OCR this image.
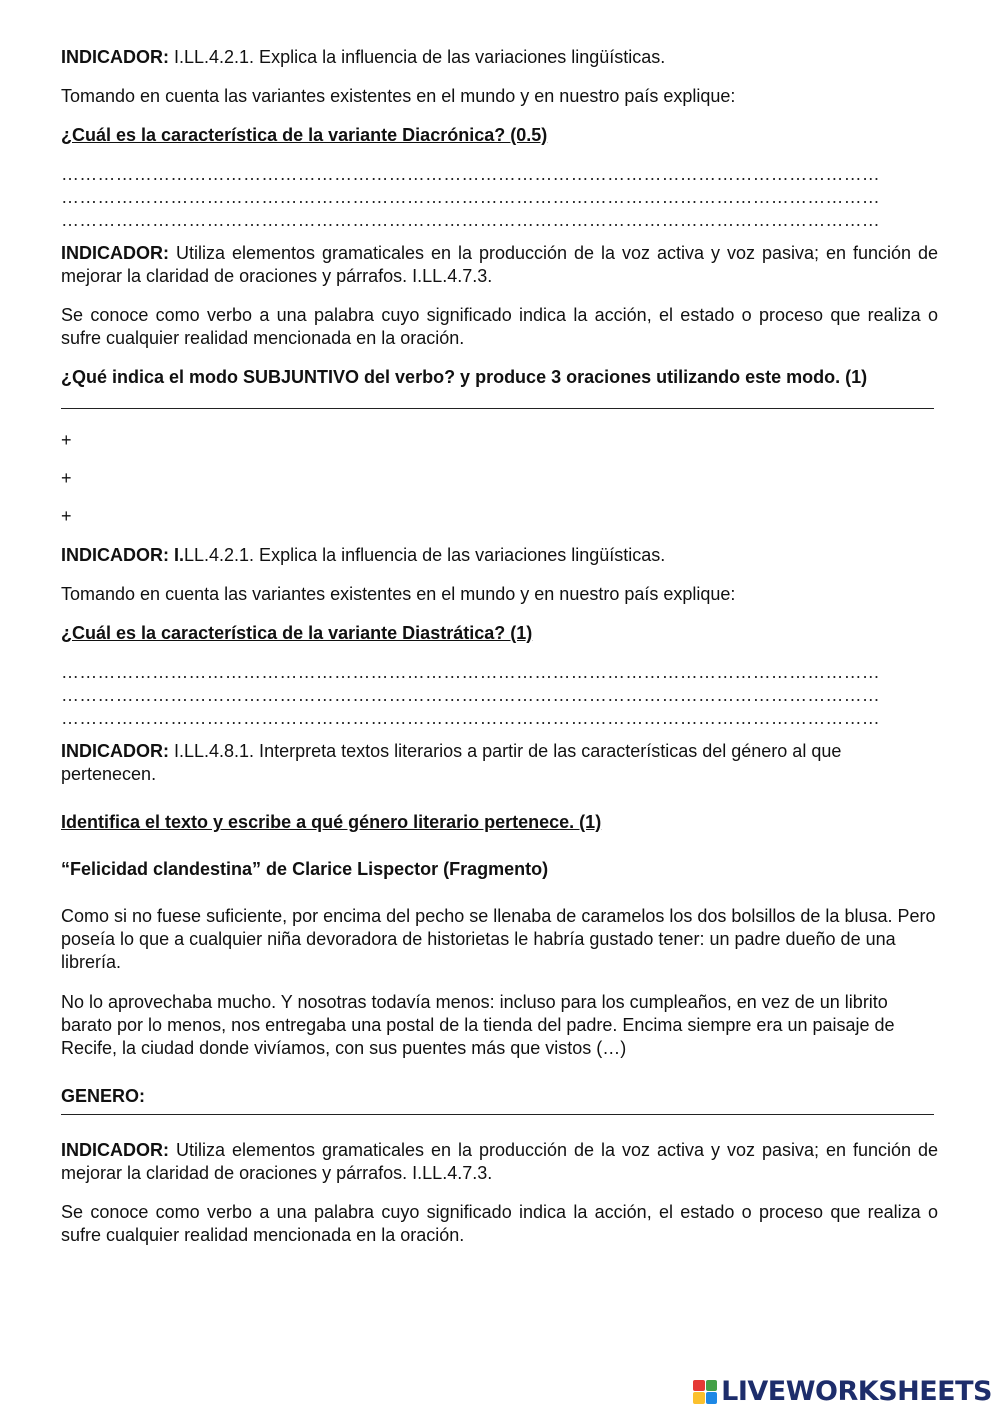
INDICADOR: I.LL.4.2.1. Explica la influencia de las variaciones lingüísticas.

Tomando en cuenta las variantes existentes en el mundo y en nuestro país explique:

¿Cuál es la característica de la variante Diacrónica? (0.5)

………………………………………………………………………………………………………………………
………………………………………………………………………………………………………………………
………………………………………………………………………………………………………………………

INDICADOR: Utiliza elementos gramaticales en la producción de la voz activa y voz pasiva; en función de mejorar la claridad de oraciones y párrafos. I.LL.4.7.3.

Se conoce como verbo a una palabra cuyo significado indica la acción, el estado o proceso que realiza o sufre cualquier realidad mencionada en la oración.

¿Qué indica el modo SUBJUNTIVO del verbo? y produce 3 oraciones utilizando este modo. (1)

+

+

+

INDICADOR: I.LL.4.2.1. Explica la influencia de las variaciones lingüísticas.

Tomando en cuenta las variantes existentes en el mundo y en nuestro país explique:

¿Cuál es la característica de la variante Diastrática? (1)

………………………………………………………………………………………………………………………
………………………………………………………………………………………………………………………
………………………………………………………………………………………………………………………

INDICADOR: I.LL.4.8.1. Interpreta textos literarios a partir de las características del género al que pertenecen.

Identifica el texto y escribe a qué género literario pertenece. (1)

“Felicidad clandestina” de Clarice Lispector (Fragmento)

Como si no fuese suficiente, por encima del pecho se llenaba de caramelos los dos bolsillos de la blusa. Pero poseía lo que a cualquier niña devoradora de historietas le habría gustado tener: un padre dueño de una librería.

No lo aprovechaba mucho. Y nosotras todavía menos: incluso para los cumpleaños, en vez de un librito barato por lo menos, nos entregaba una postal de la tienda del padre. Encima siempre era un paisaje de Recife, la ciudad donde vivíamos, con sus puentes más que vistos (…)

GENERO:

INDICADOR: Utiliza elementos gramaticales en la producción de la voz activa y voz pasiva; en función de mejorar la claridad de oraciones y párrafos. I.LL.4.7.3.

Se conoce como verbo a una palabra cuyo significado indica la acción, el estado o proceso que realiza o sufre cualquier realidad mencionada en la oración.

LIVEWORKSHEETS
